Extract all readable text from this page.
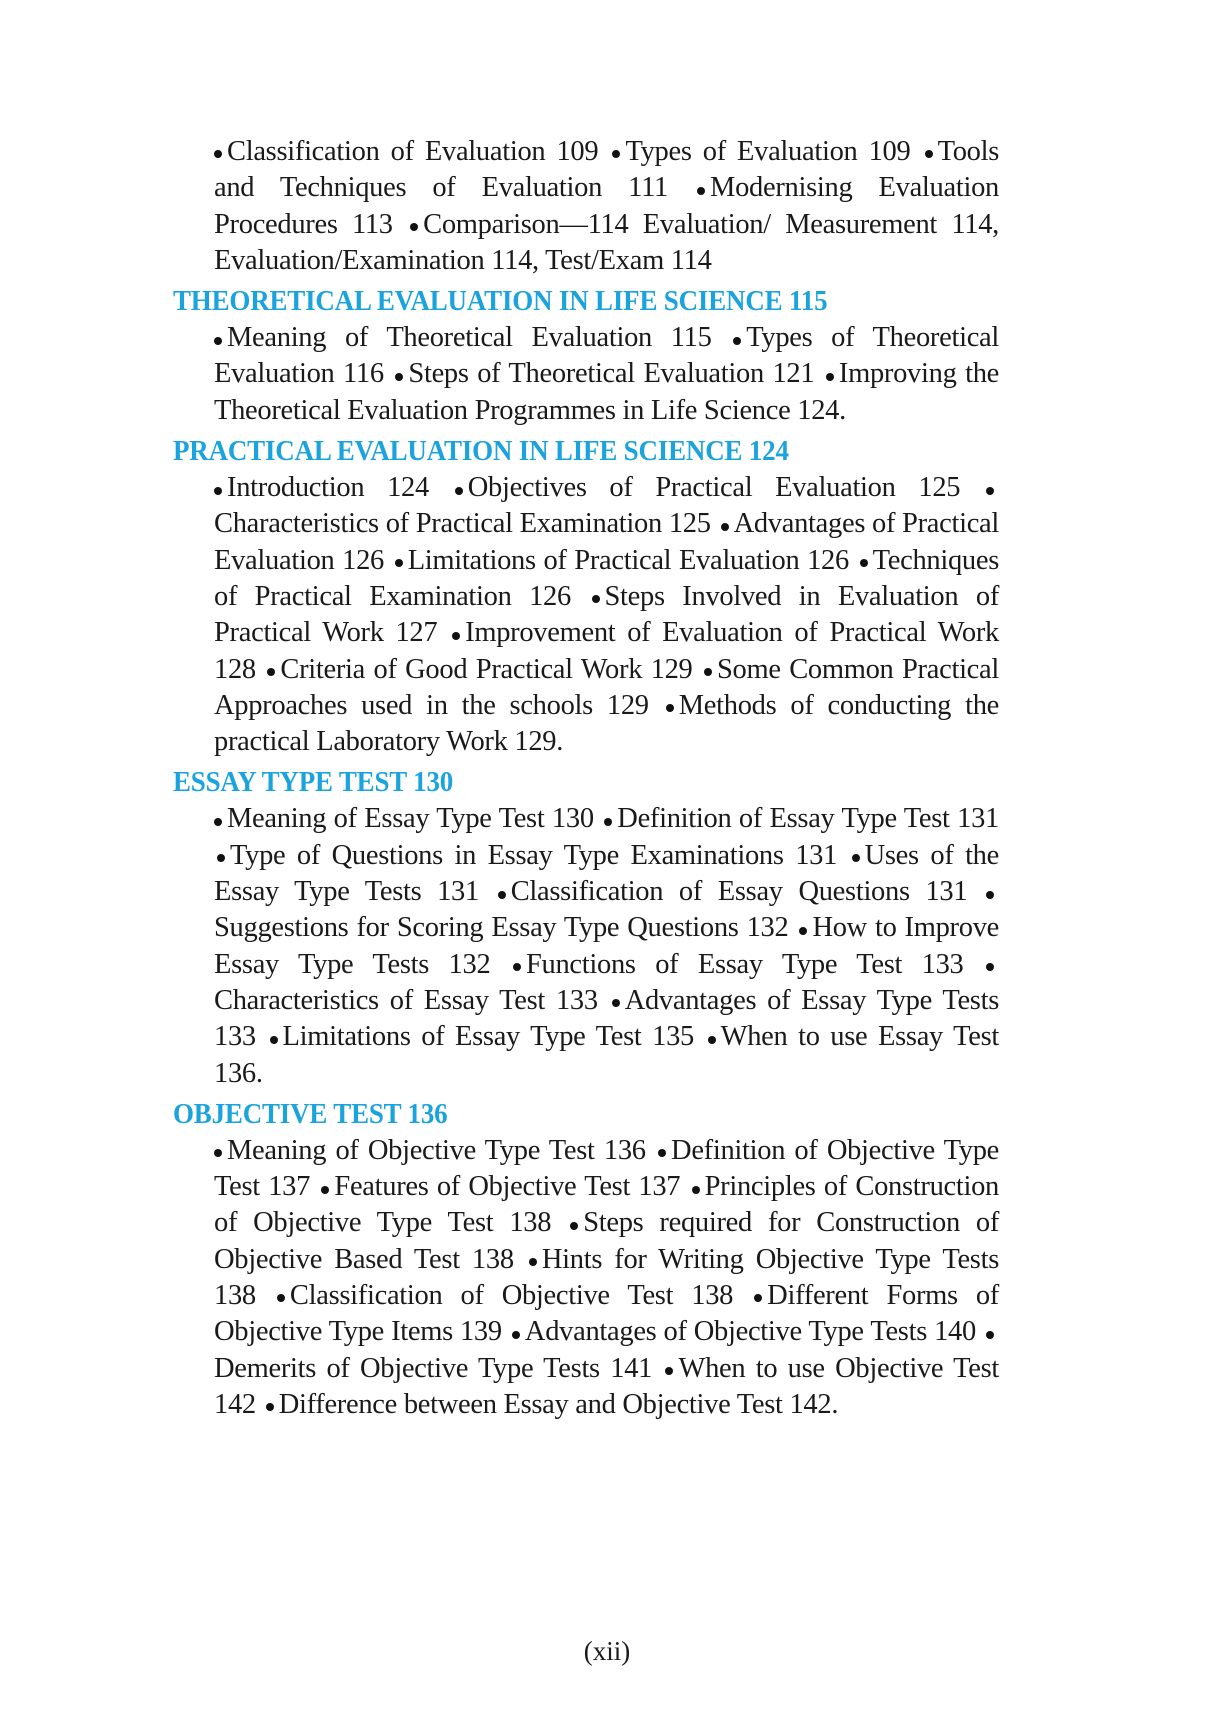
Classification of Evaluation 109 Types of Evaluation 109 Tools and Techniques of Evaluation 111 Modernising Evaluation Procedures 113 Comparison—114 Evaluation/ Measurement 114, Evaluation/Examination 114, Test/Exam 114
THEORETICAL EVALUATION IN LIFE SCIENCE 115
Meaning of Theoretical Evaluation 115 Types of Theoretical Evaluation 116 Steps of Theoretical Evaluation 121 Improving the Theoretical Evaluation Programmes in Life Science 124.
PRACTICAL EVALUATION IN LIFE SCIENCE 124
Introduction 124 Objectives of Practical Evaluation 125 Characteristics of Practical Examination 125 Advantages of Practical Evaluation 126 Limitations of Practical Evaluation 126 Techniques of Practical Examination 126 Steps Involved in Evaluation of Practical Work 127 Improvement of Evaluation of Practical Work 128 Criteria of Good Practical Work 129 Some Common Practical Approaches used in the schools 129 Methods of conducting the practical Laboratory Work 129.
ESSAY TYPE TEST 130
Meaning of Essay Type Test 130 Definition of Essay Type Test 131 Type of Questions in Essay Type Examinations 131 Uses of the Essay Type Tests 131 Classification of Essay Questions 131 Suggestions for Scoring Essay Type Questions 132 How to Improve Essay Type Tests 132 Functions of Essay Type Test 133 Characteristics of Essay Test 133 Advantages of Essay Type Tests 133 Limitations of Essay Type Test 135 When to use Essay Test 136.
OBJECTIVE TEST 136
Meaning of Objective Type Test 136 Definition of Objective Type Test 137 Features of Objective Test 137 Principles of Construction of Objective Type Test 138 Steps required for Construction of Objective Based Test 138 Hints for Writing Objective Type Tests 138 Classification of Objective Test 138 Different Forms of Objective Type Items 139 Advantages of Objective Type Tests 140 Demerits of Objective Type Tests 141 When to use Objective Test 142 Difference between Essay and Objective Test 142.
(xii)
